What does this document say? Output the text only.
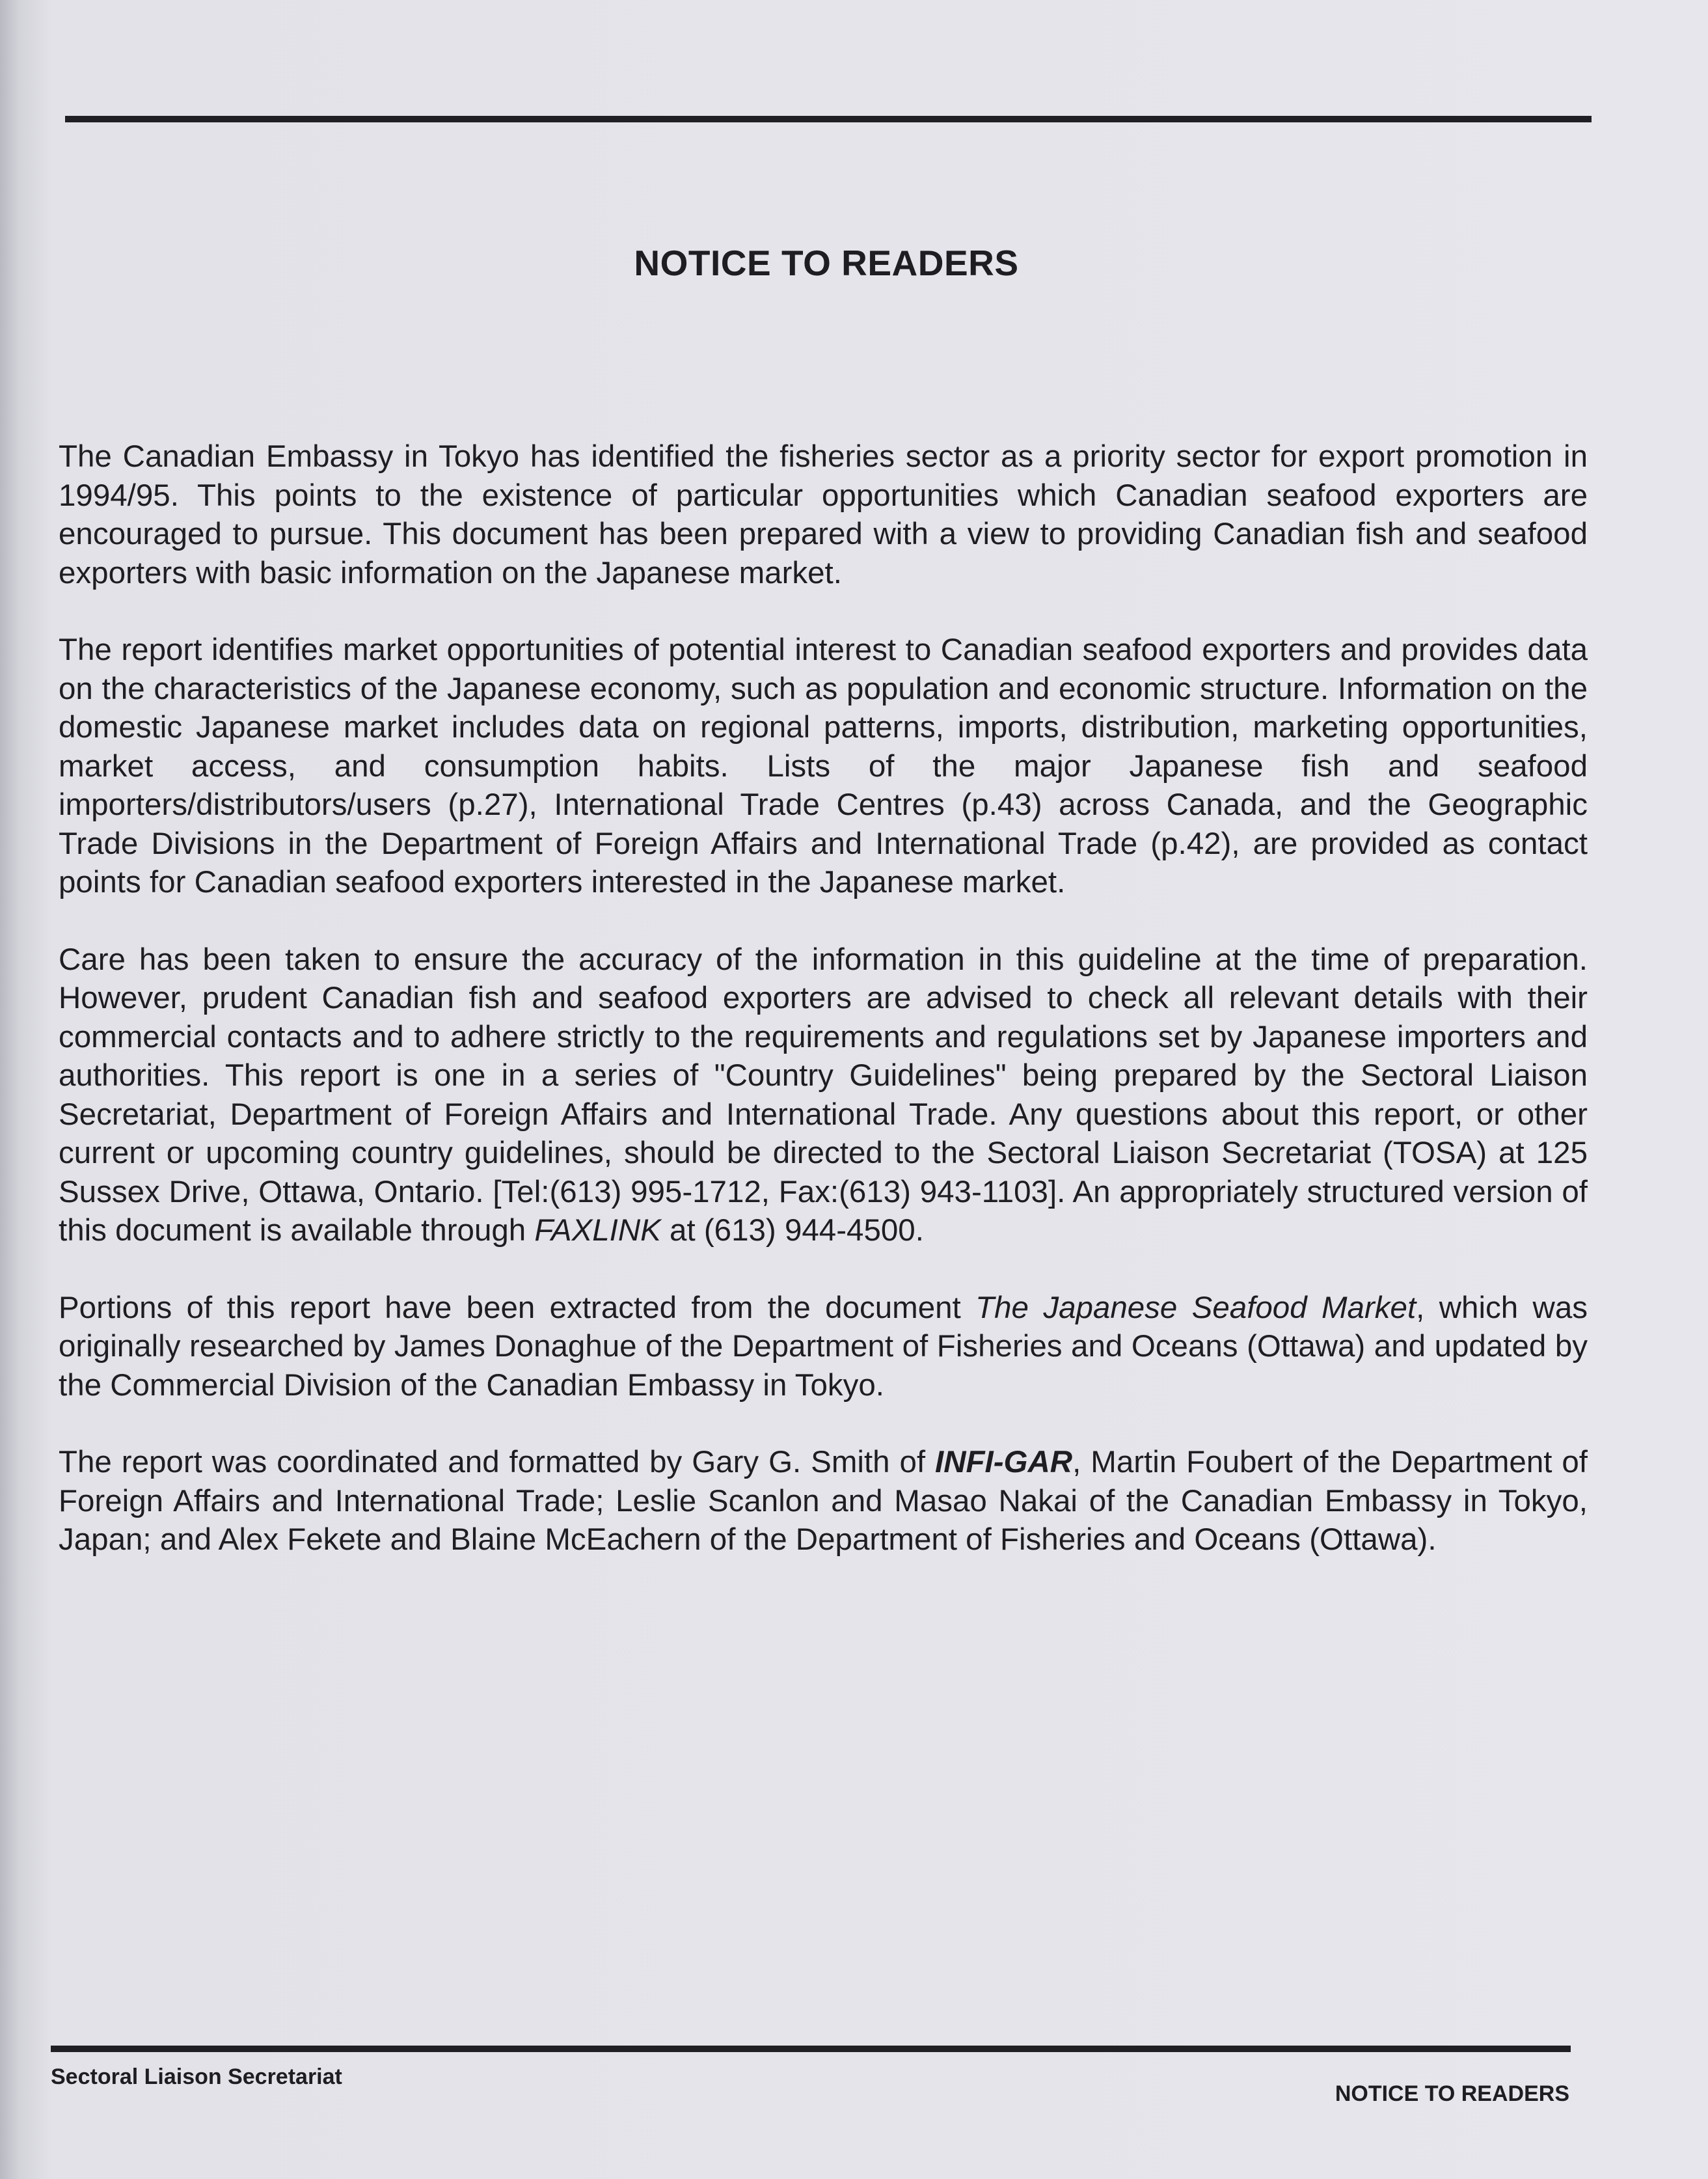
NOTICE TO READERS

The Canadian Embassy in Tokyo has identified the fisheries sector as a priority sector for export promotion in 1994/95. This points to the existence of particular opportunities which Canadian seafood exporters are encouraged to pursue. This document has been prepared with a view to providing Canadian fish and seafood exporters with basic information on the Japanese market.

The report identifies market opportunities of potential interest to Canadian seafood exporters and provides data on the characteristics of the Japanese economy, such as population and economic structure. Information on the domestic Japanese market includes data on regional patterns, imports, distribution, marketing opportunities, market access, and consumption habits. Lists of the major Japanese fish and seafood importers/distributors/users (p.27), International Trade Centres (p.43) across Canada, and the Geographic Trade Divisions in the Department of Foreign Affairs and International Trade (p.42), are provided as contact points for Canadian seafood exporters interested in the Japanese market.

Care has been taken to ensure the accuracy of the information in this guideline at the time of preparation. However, prudent Canadian fish and seafood exporters are advised to check all relevant details with their commercial contacts and to adhere strictly to the requirements and regulations set by Japanese importers and authorities. This report is one in a series of "Country Guidelines" being prepared by the Sectoral Liaison Secretariat, Department of Foreign Affairs and International Trade. Any questions about this report, or other current or upcoming country guidelines, should be directed to the Sectoral Liaison Secretariat (TOSA) at 125 Sussex Drive, Ottawa, Ontario. [Tel:(613) 995-1712, Fax:(613) 943-1103]. An appropriately structured version of this document is available through FAXLINK at (613) 944-4500.

Portions of this report have been extracted from the document The Japanese Seafood Market, which was originally researched by James Donaghue of the Department of Fisheries and Oceans (Ottawa) and updated by the Commercial Division of the Canadian Embassy in Tokyo.

The report was coordinated and formatted by Gary G. Smith of INFI-GAR, Martin Foubert of the Department of Foreign Affairs and International Trade; Leslie Scanlon and Masao Nakai of the Canadian Embassy in Tokyo, Japan; and Alex Fekete and Blaine McEachern of the Department of Fisheries and Oceans (Ottawa).

Sectoral Liaison Secretariat
NOTICE TO READERS
